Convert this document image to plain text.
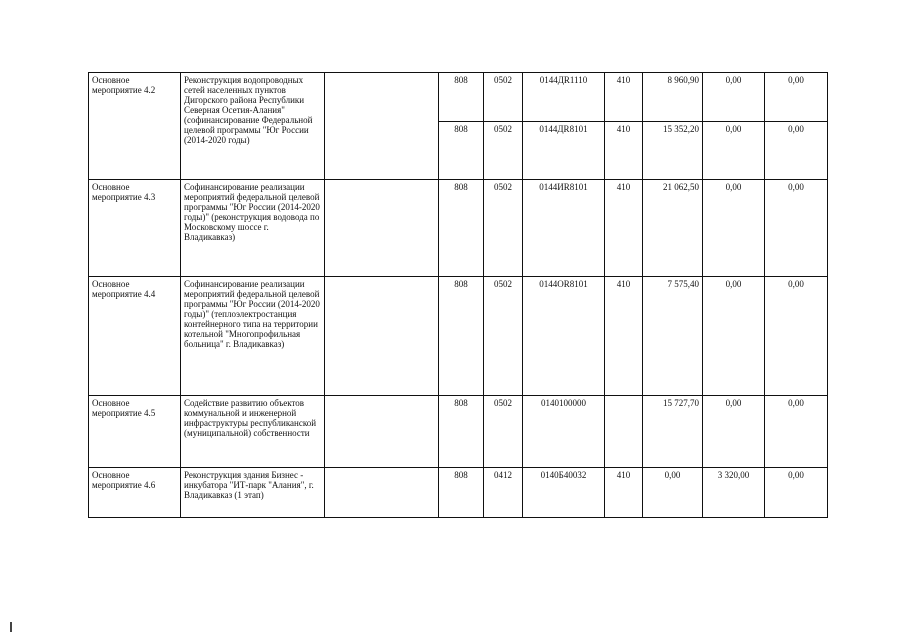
Основное мероприятие 4.2	Реконструкция водопроводных сетей населенных пунктов Дигорского района Республики Северная Осетия-Алания" (софинансирование Федеральной целевой программы "Юг России (2014-2020 годы)		808	0502	0144ДR1110	410	8 960,90	0,00	0,00
			808	0502	0144ДR8101	410	15 352,20	0,00	0,00
Основное мероприятие 4.3	Софинансирование реализации мероприятий федеральной целевой программы "Юг России (2014-2020 годы)" (реконструкция водовода по Московскому шоссе г. Владикавказ)		808	0502	0144ИR8101	410	21 062,50	0,00	0,00
Основное мероприятие 4.4	Софинансирование реализации мероприятий федеральной целевой программы "Юг России (2014-2020 годы)" (теплоэлектростанция контейнерного типа на территории котельной "Многопрофильная больница" г. Владикавказ)		808	0502	0144OR8101	410	7 575,40	0,00	0,00
Основное мероприятие 4.5	Содействие развитию объектов коммунальной и инженерной инфраструктуры республиканской (муниципальной) собственности		808	0502	0140100000		15 727,70	0,00	0,00
Основное мероприятие 4.6	Реконструкция здания Бизнес - инкубатора "ИТ-парк "Алания", г. Владикавказ (1 этап)		808	0412	0140Б40032	410	0,00	3 320,00	0,00
